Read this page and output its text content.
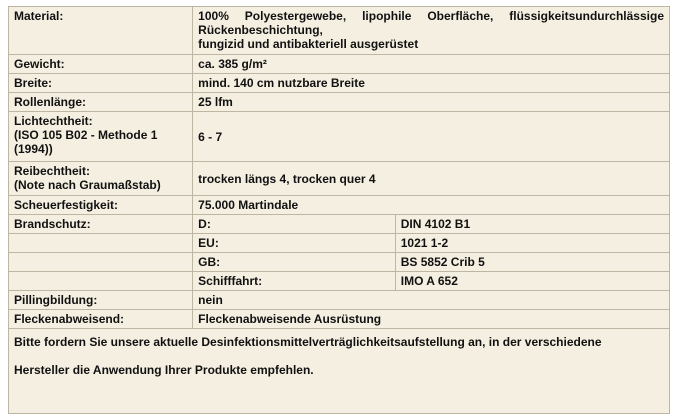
Material:	100% Polyestergewebe, lipophile Oberfläche, flüssigkeitsundurchlässige
Rückenbeschichtung,
fungizid und antibakteriell ausgerüstet	

Gewicht:	ca. 385 g/m²	
Breite:	mind. 140 cm nutzbare Breite	
Rollenlänge:	25 lfm	
Lichtechtheit:
(ISO 105 B02 - Methode 1
(1994))	6 - 7	
Reibechtheit:
(Note nach Graumaßstab)	trocken längs 4, trocken quer 4	
Scheuerfestigkeit:	75.000 Martindale	
Brandschutz:	D:	DIN 4102 B1
	EU:	1021 1-2
	GB:	BS 5852 Crib 5
	Schifffahrt:	IMO A 652
Pillingbildung:	nein	
Fleckenabweisend:	Fleckenabweisende Ausrüstung	

Bitte fordern Sie unsere aktuelle Desinfektionsmittelverträglichkeitsaufstellung an, in der verschiedene
Hersteller die Anwendung Ihrer Produkte empfehlen.		
